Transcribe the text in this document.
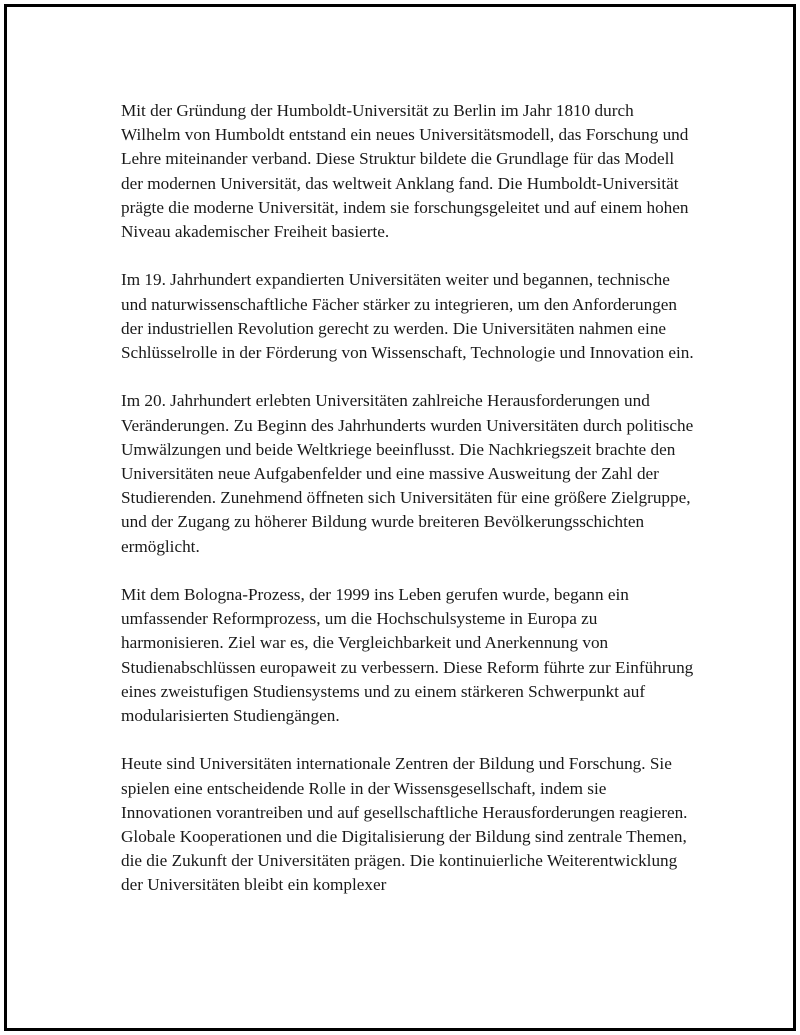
Mit der Gründung der Humboldt-Universität zu Berlin im Jahr 1810 durch Wilhelm von Humboldt entstand ein neues Universitätsmodell, das Forschung und Lehre miteinander verband. Diese Struktur bildete die Grundlage für das Modell der modernen Universität, das weltweit Anklang fand. Die Humboldt-Universität prägte die moderne Universität, indem sie forschungsgeleitet und auf einem hohen Niveau akademischer Freiheit basierte.

Im 19. Jahrhundert expandierten Universitäten weiter und begannen, technische und naturwissenschaftliche Fächer stärker zu integrieren, um den Anforderungen der industriellen Revolution gerecht zu werden. Die Universitäten nahmen eine Schlüsselrolle in der Förderung von Wissenschaft, Technologie und Innovation ein.

Im 20. Jahrhundert erlebten Universitäten zahlreiche Herausforderungen und Veränderungen. Zu Beginn des Jahrhunderts wurden Universitäten durch politische Umwälzungen und beide Weltkriege beeinflusst. Die Nachkriegszeit brachte den Universitäten neue Aufgabenfelder und eine massive Ausweitung der Zahl der Studierenden. Zunehmend öffneten sich Universitäten für eine größere Zielgruppe, und der Zugang zu höherer Bildung wurde breiteren Bevölkerungsschichten ermöglicht.

Mit dem Bologna-Prozess, der 1999 ins Leben gerufen wurde, begann ein umfassender Reformprozess, um die Hochschulsysteme in Europa zu harmonisieren. Ziel war es, die Vergleichbarkeit und Anerkennung von Studienabschlüssen europaweit zu verbessern. Diese Reform führte zur Einführung eines zweistufigen Studiensystems und zu einem stärkeren Schwerpunkt auf modularisierten Studiengängen.

Heute sind Universitäten internationale Zentren der Bildung und Forschung. Sie spielen eine entscheidende Rolle in der Wissensgesellschaft, indem sie Innovationen vorantreiben und auf gesellschaftliche Herausforderungen reagieren. Globale Kooperationen und die Digitalisierung der Bildung sind zentrale Themen, die die Zukunft der Universitäten prägen. Die kontinuierliche Weiterentwicklung der Universitäten bleibt ein komplexer
